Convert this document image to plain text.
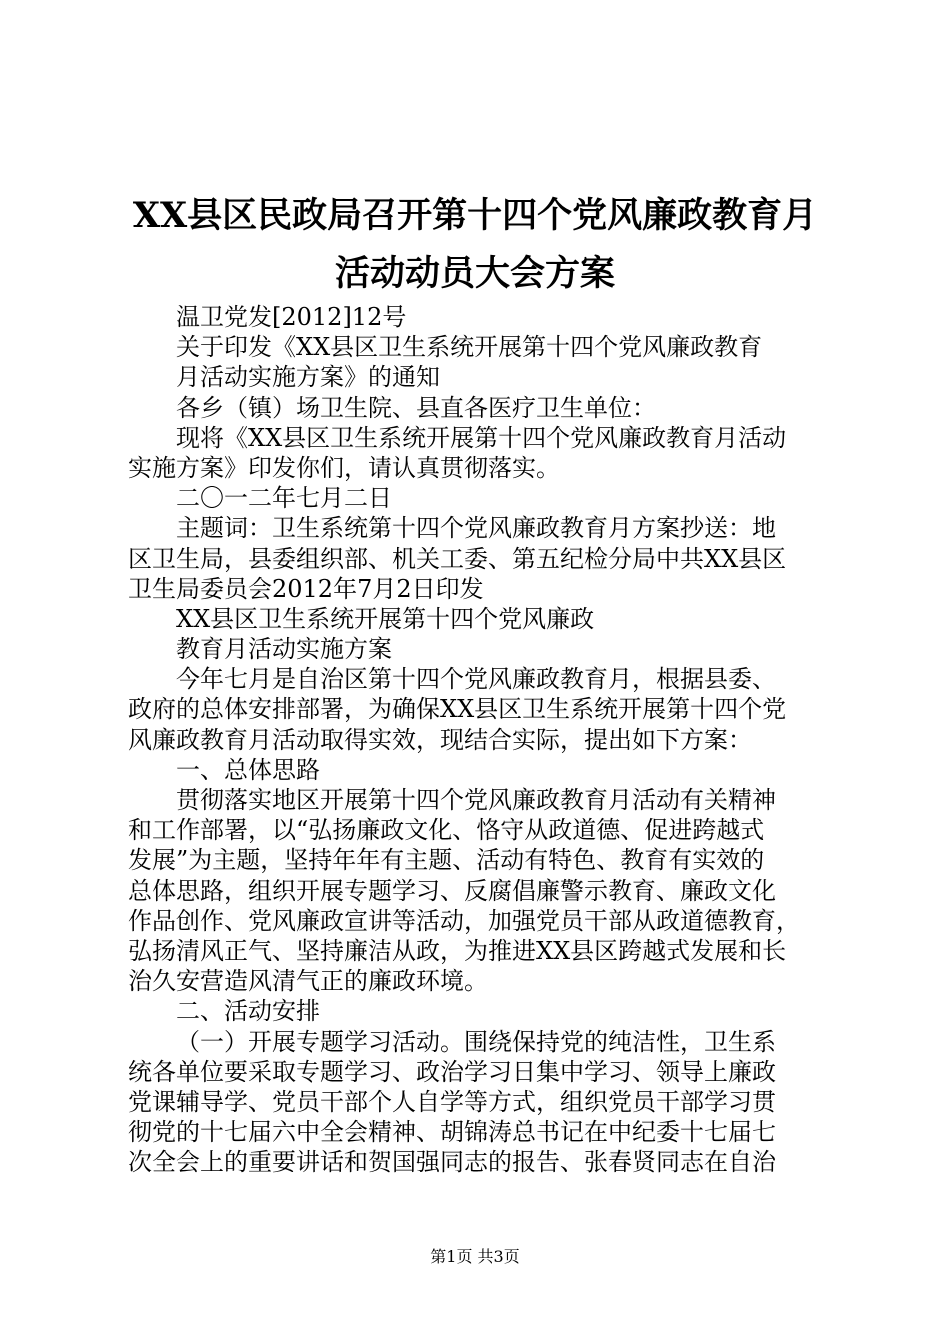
XX县区民政局召开第十四个党风廉政教育月
活动动员大会方案
温卫党发[2012]12号
关于印发《XX县区卫生系统开展第十四个党风廉政教育
月活动实施方案》的通知
各乡（镇）场卫生院、县直各医疗卫生单位：
现将《XX县区卫生系统开展第十四个党风廉政教育月活动
实施方案》印发你们，请认真贯彻落实。
二〇一二年七月二日
主题词：卫生系统第十四个党风廉政教育月方案抄送：地
区卫生局，县委组织部、机关工委、第五纪检分局中共XX县区
卫生局委员会2012年7月2日印发
XX县区卫生系统开展第十四个党风廉政
教育月活动实施方案
今年七月是自治区第十四个党风廉政教育月，根据县委、
政府的总体安排部署，为确保XX县区卫生系统开展第十四个党
风廉政教育月活动取得实效，现结合实际，提出如下方案：
一、总体思路
贯彻落实地区开展第十四个党风廉政教育月活动有关精神
和工作部署，以“弘扬廉政文化、恪守从政道德、促进跨越式
发展”为主题，坚持年年有主题、活动有特色、教育有实效的
总体思路，组织开展专题学习、反腐倡廉警示教育、廉政文化
作品创作、党风廉政宣讲等活动，加强党员干部从政道德教育，
弘扬清风正气、坚持廉洁从政，为推进XX县区跨越式发展和长
治久安营造风清气正的廉政环境。
二、活动安排
（一）开展专题学习活动。围绕保持党的纯洁性，卫生系
统各单位要采取专题学习、政治学习日集中学习、领导上廉政
党课辅导学、党员干部个人自学等方式，组织党员干部学习贯
彻党的十七届六中全会精神、胡锦涛总书记在中纪委十七届七
次全会上的重要讲话和贺国强同志的报告、张春贤同志在自治
第1页 共3页
